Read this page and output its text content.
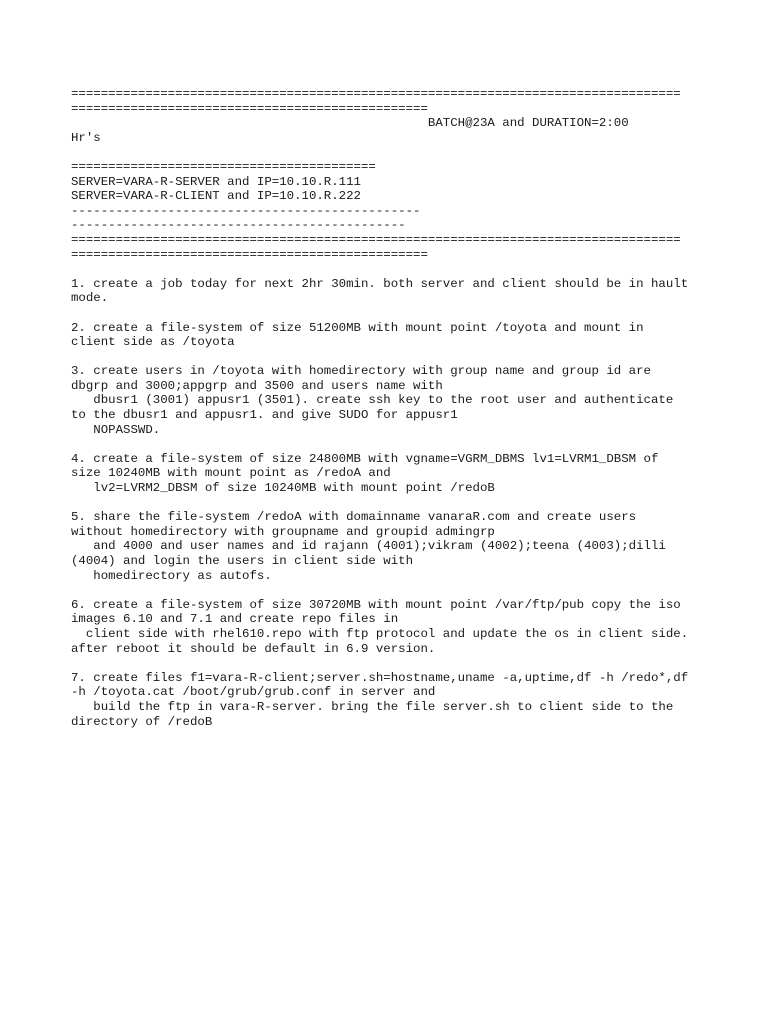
==================================================================================
================================================
BATCH@23A and DURATION=2:00
Hr's
=========================================
SERVER=VARA-R-SERVER and IP=10.10.R.111
SERVER=VARA-R-CLIENT and IP=10.10.R.222
-----------------------------------------------
---------------------------------------------
==================================================================================
================================================
1. create a job today for next 2hr 30min. both server and client should be in hault
mode.
2. create a file-system of size 51200MB with mount point /toyota and mount in
client side as /toyota
3. create users in /toyota with homedirectory with group name and group id are
dbgrp and 3000;appgrp and 3500 and users name with
dbusr1 (3001) appusr1 (3501). create ssh key to the root user and authenticate
to the dbusr1 and appusr1. and give SUDO for appusr1
NOPASSWD.
4. create a file-system of size 24800MB with vgname=VGRM_DBMS lv1=LVRM1_DBSM of
size 10240MB with mount point as /redoA and
lv2=LVRM2_DBSM of size 10240MB with mount point /redoB
5. share the file-system /redoA with domainname vanaraR.com and create users
without homedirectory with groupname and groupid admingrp
and 4000 and user names and id rajann (4001);vikram (4002);teena (4003);dilli
(4004) and login the users in client side with
homedirectory as autofs.
6. create a file-system of size 30720MB with mount point /var/ftp/pub copy the iso
images 6.10 and 7.1 and create repo files in
client side with rhel610.repo with ftp protocol and update the os in client side.
after reboot it should be default in 6.9 version.
7. create files f1=vara-R-client;server.sh=hostname,uname -a,uptime,df -h /redo*,df
-h /toyota.cat /boot/grub/grub.conf in server and
build the ftp in vara-R-server. bring the file server.sh to client side to the
directory of /redoB
